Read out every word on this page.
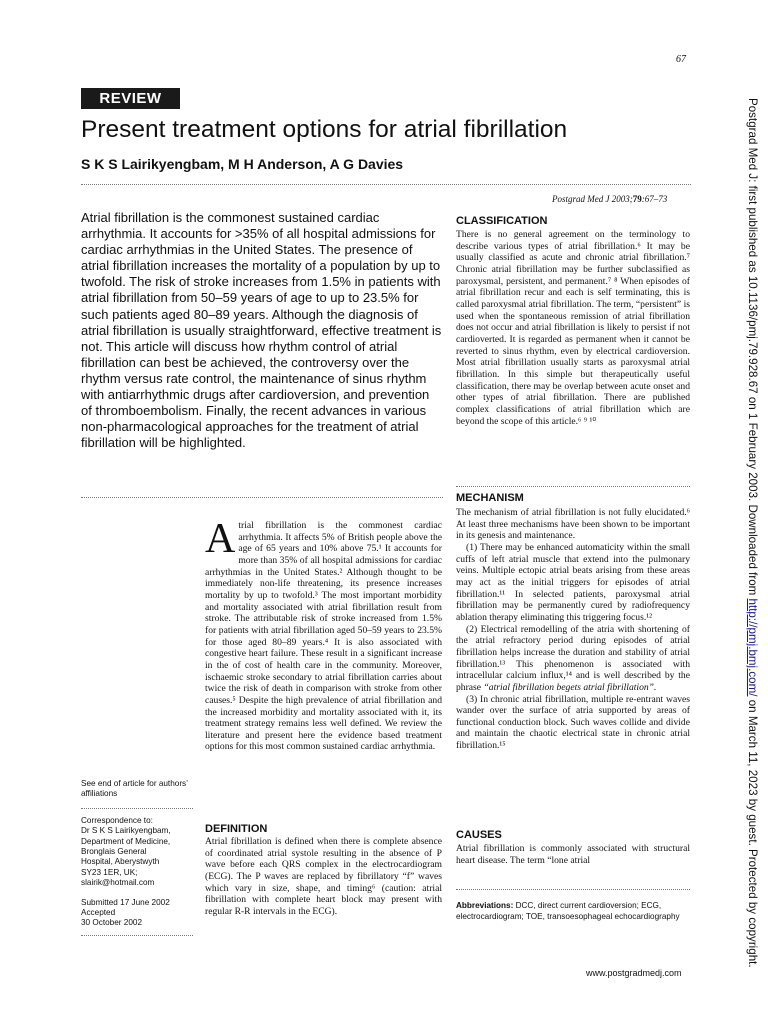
67
REVIEW
Present treatment options for atrial fibrillation
S K S Lairikyengbam, M H Anderson, A G Davies
Postgrad Med J 2003;79:67–73
Atrial fibrillation is the commonest sustained cardiac arrhythmia. It accounts for >35% of all hospital admissions for cardiac arrhythmias in the United States. The presence of atrial fibrillation increases the mortality of a population by up to twofold. The risk of stroke increases from 1.5% in patients with atrial fibrillation from 50–59 years of age to up to 23.5% for such patients aged 80–89 years. Although the diagnosis of atrial fibrillation is usually straightforward, effective treatment is not. This article will discuss how rhythm control of atrial fibrillation can best be achieved, the controversy over the rhythm versus rate control, the maintenance of sinus rhythm with antiarrhythmic drugs after cardioversion, and prevention of thromboembolism. Finally, the recent advances in various non-pharmacological approaches for the treatment of atrial fibrillation will be highlighted.

See end of article for authors’ affiliations

Correspondence to:

Dr S K S Lairikyengbam,

Department of Medicine,

Bronglais General

Hospital, Aberystwyth

SY23 1ER, UK;

slairik@hotmail.com

Submitted 17 June 2002

Accepted

30 October 2002

Atrial fibrillation is the commonest cardiac arrhythmia. It affects 5% of British people above the age of 65 years and 10% above 75.¹ It accounts for more than 35% of all hospital admissions for cardiac arrhythmias in the United States.² Although thought to be immediately non-life threatening, its presence increases mortality by up to twofold.³ The most important morbidity and mortality associated with atrial fibrillation result from stroke. The attributable risk of stroke increased from 1.5% for patients with atrial fibrillation aged 50–59 years to 23.5% for those aged 80–89 years.⁴ It is also associated with congestive heart failure. These result in a significant increase in the of cost of health care in the community. Moreover, ischaemic stroke secondary to atrial fibrillation carries about twice the risk of death in comparison with stroke from other causes.⁵ Despite the high prevalence of atrial fibrillation and the increased morbidity and mortality associated with it, its treatment strategy remains less well defined. We review the literature and present here the evidence based treatment options for this most common sustained cardiac arrhythmia.
DEFINITION
Atrial fibrillation is defined when there is complete absence of coordinated atrial systole resulting in the absence of P wave before each QRS complex in the electrocardiogram (ECG). The P waves are replaced by fibrillatory “f” waves which vary in size, shape, and timing⁶ (caution: atrial fibrillation with complete heart block may present with regular R-R intervals in the ECG).
CLASSIFICATION

There is no general agreement on the terminology to describe various types of atrial fibrillation.⁶ It may be usually classified as acute and chronic atrial fibrillation.⁷ Chronic atrial fibrillation may be further subclassified as paroxysmal, persistent, and permanent.⁷ ⁸ When episodes of atrial fibrillation recur and each is self terminating, this is called paroxysmal atrial fibrillation. The term, “persistent” is used when the spontaneous remission of atrial fibrillation does not occur and atrial fibrillation is likely to persist if not cardioverted. It is regarded as permanent when it cannot be reverted to sinus rhythm, even by electrical cardioversion. Most atrial fibrillation usually starts as paroxysmal atrial fibrillation. In this simple but therapeutically useful classification, there may be overlap between acute onset and other types of atrial fibrillation. There are published complex classifications of atrial fibrillation which are beyond the scope of this article.⁶ ⁹ ¹⁰

MECHANISM

The mechanism of atrial fibrillation is not fully elucidated.⁶ At least three mechanisms have been shown to be important in its genesis and maintenance.

(1) There may be enhanced automaticity within the small cuffs of left atrial muscle that extend into the pulmonary veins. Multiple ectopic atrial beats arising from these areas may act as the initial triggers for episodes of atrial fibrillation.¹¹ In selected patients, paroxysmal atrial fibrillation may be permanently cured by radiofrequency ablation therapy eliminating this triggering focus.¹²

(2) Electrical remodelling of the atria with shortening of the atrial refractory period during episodes of atrial fibrillation helps increase the duration and stability of atrial fibrillation.¹³ This phenomenon is associated with intracellular calcium influx,¹⁴ and is well described by the phrase “atrial fibrillation begets atrial fibrillation”.

(3) In chronic atrial fibrillation, multiple re-entrant waves wander over the surface of atria supported by areas of functional conduction block. Such waves collide and divide and maintain the chaotic electrical state in chronic atrial fibrillation.¹⁵

CAUSES

Atrial fibrillation is commonly associated with structural heart disease. The term “lone atrial

Abbreviations: DCC, direct current cardioversion; ECG, electrocardiogram; TOE, transoesophageal echocardiography
www.postgradmedj.com
Postgrad Med J: first published as 10.1136/pmj.79.928.67 on 1 February 2003. Downloaded from http://pmj.bmj.com/ on March 11, 2023 by guest. Protected by copyright.
